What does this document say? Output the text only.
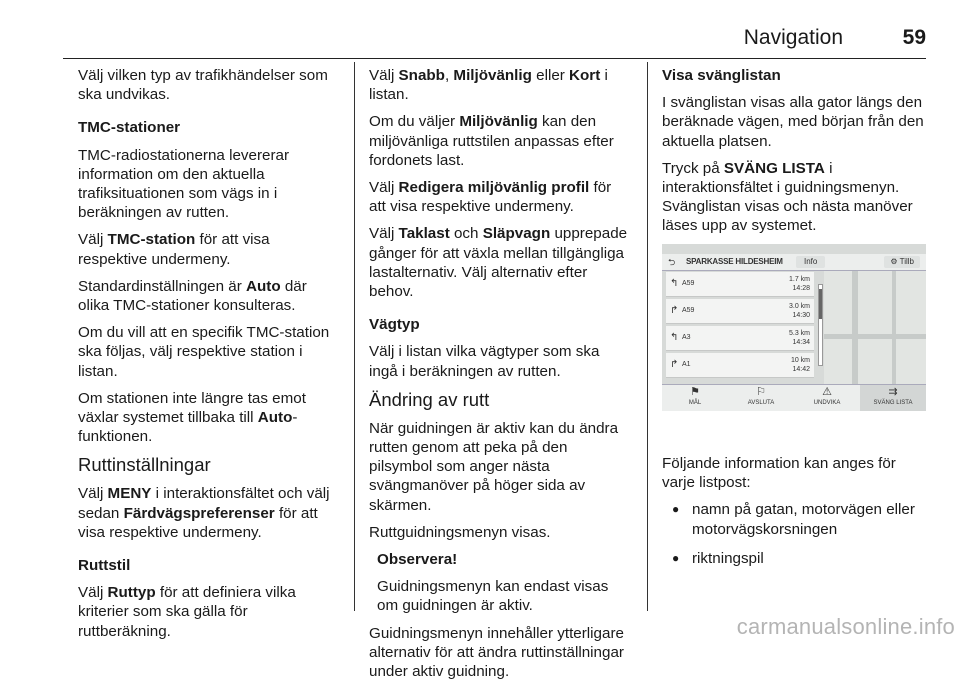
Navigation	59

Välj vilken typ av trafikhändelser som ska undvikas.

TMC-stationer

TMC-radiostationerna levererar information om den aktuella trafiksituationen som vägs in i beräkningen av rutten.

Välj TMC-station för att visa respektive undermeny.

Standardinställningen är Auto där olika TMC-stationer konsulteras.

Om du vill att en specifik TMC-station ska följas, välj respektive station i listan.

Om stationen inte längre tas emot växlar systemet tillbaka till Auto-funktionen.

Ruttinställningar

Välj MENY i interaktionsfältet och välj sedan Färdvägspreferenser för att visa respektive undermeny.

Ruttstil

Välj Ruttyp för att definiera vilka kriterier som ska gälla för ruttberäkning.

Välj Snabb, Miljövänlig eller Kort i listan.

Om du väljer Miljövänlig kan den miljövänliga ruttstilen anpassas efter fordonets last.

Välj Redigera miljövänlig profil för att visa respektive undermeny.

Välj Taklast och Släpvagn upprepade gånger för att växla mellan tillgängliga lastalternativ. Välj alternativ efter behov.

Vägtyp

Välj i listan vilka vägtyper som ska ingå i beräkningen av rutten.

Ändring av rutt

När guidningen är aktiv kan du ändra rutten genom att peka på den pilsymbol som anger nästa svängmanöver på höger sida av skärmen.

Ruttguidningsmenyn visas.

Observera!

Guidningsmenyn kan endast visas om guidningen är aktiv.

Guidningsmenyn innehåller ytterligare alternativ för att ändra ruttinställningar under aktiv guidning.

Visa svänglistan

I svänglistan visas alla gator längs den beräknade vägen, med början från den aktuella platsen.

Tryck på SVÄNG LISTA i interaktionsfältet i guidningsmenyn. Svänglistan visas och nästa manöver läses upp av systemet.

⮌	SPARKASSE HILDESHEIM	Info	⚙ Tillb
↰ A59
1.7 km
14:28
↱ A59
3.0 km
14:30
↰ A3
5.3 km
14:34
↱ A1
10 km
14:42
⚑
MÅL
⚐
AVSLUTA
⚠
UNDVIKA
⇉
SVÄNG LISTA

Följande information kan anges för varje listpost:

● namn på gatan, motorvägen eller motorvägskorsningen
● riktningspil
carmanualsonline.info
